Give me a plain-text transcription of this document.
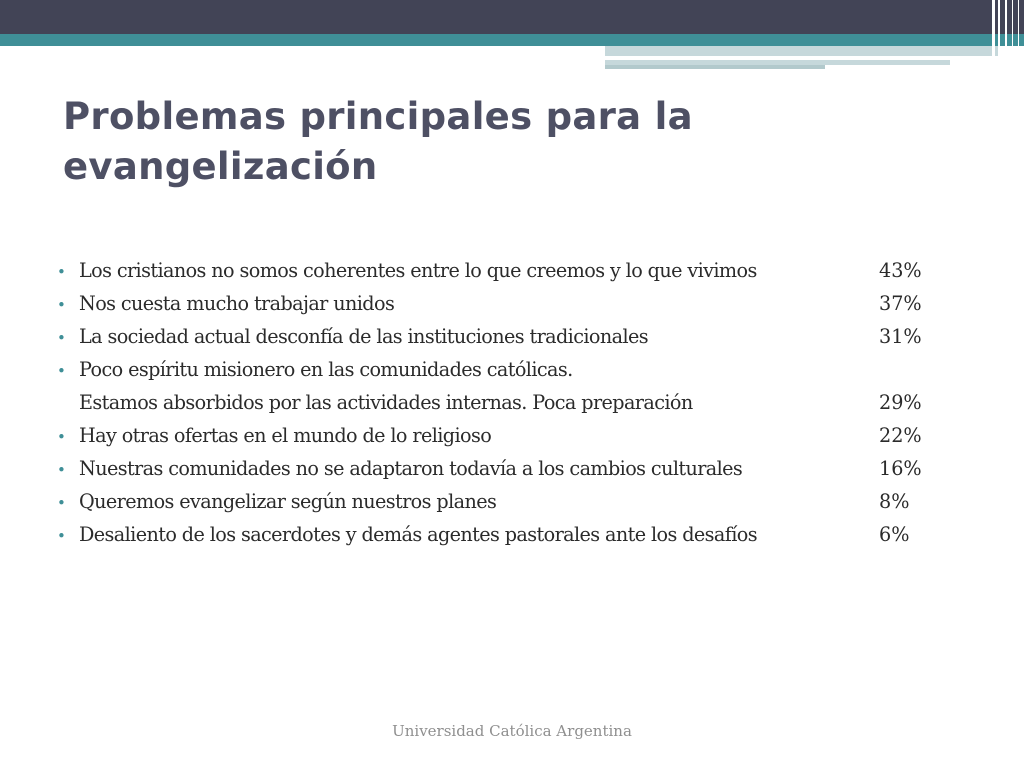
Problemas principales para la
evangelización
• Los cristianos no somos coherentes entre lo que creemos y lo que vivimos	43%
• Nos cuesta mucho trabajar unidos	37%
• La sociedad actual desconfía de las instituciones tradicionales	31%
• Poco espíritu misionero en las comunidades católicas.
Estamos absorbidos por las actividades internas. Poca preparación	29%
• Hay otras ofertas en el mundo de lo religioso	22%
• Nuestras comunidades no se adaptaron todavía a los cambios culturales	16%
• Queremos evangelizar según nuestros planes	8%
• Desaliento de los sacerdotes y demás agentes pastorales ante los desafíos	6%
Universidad Católica Argentina
